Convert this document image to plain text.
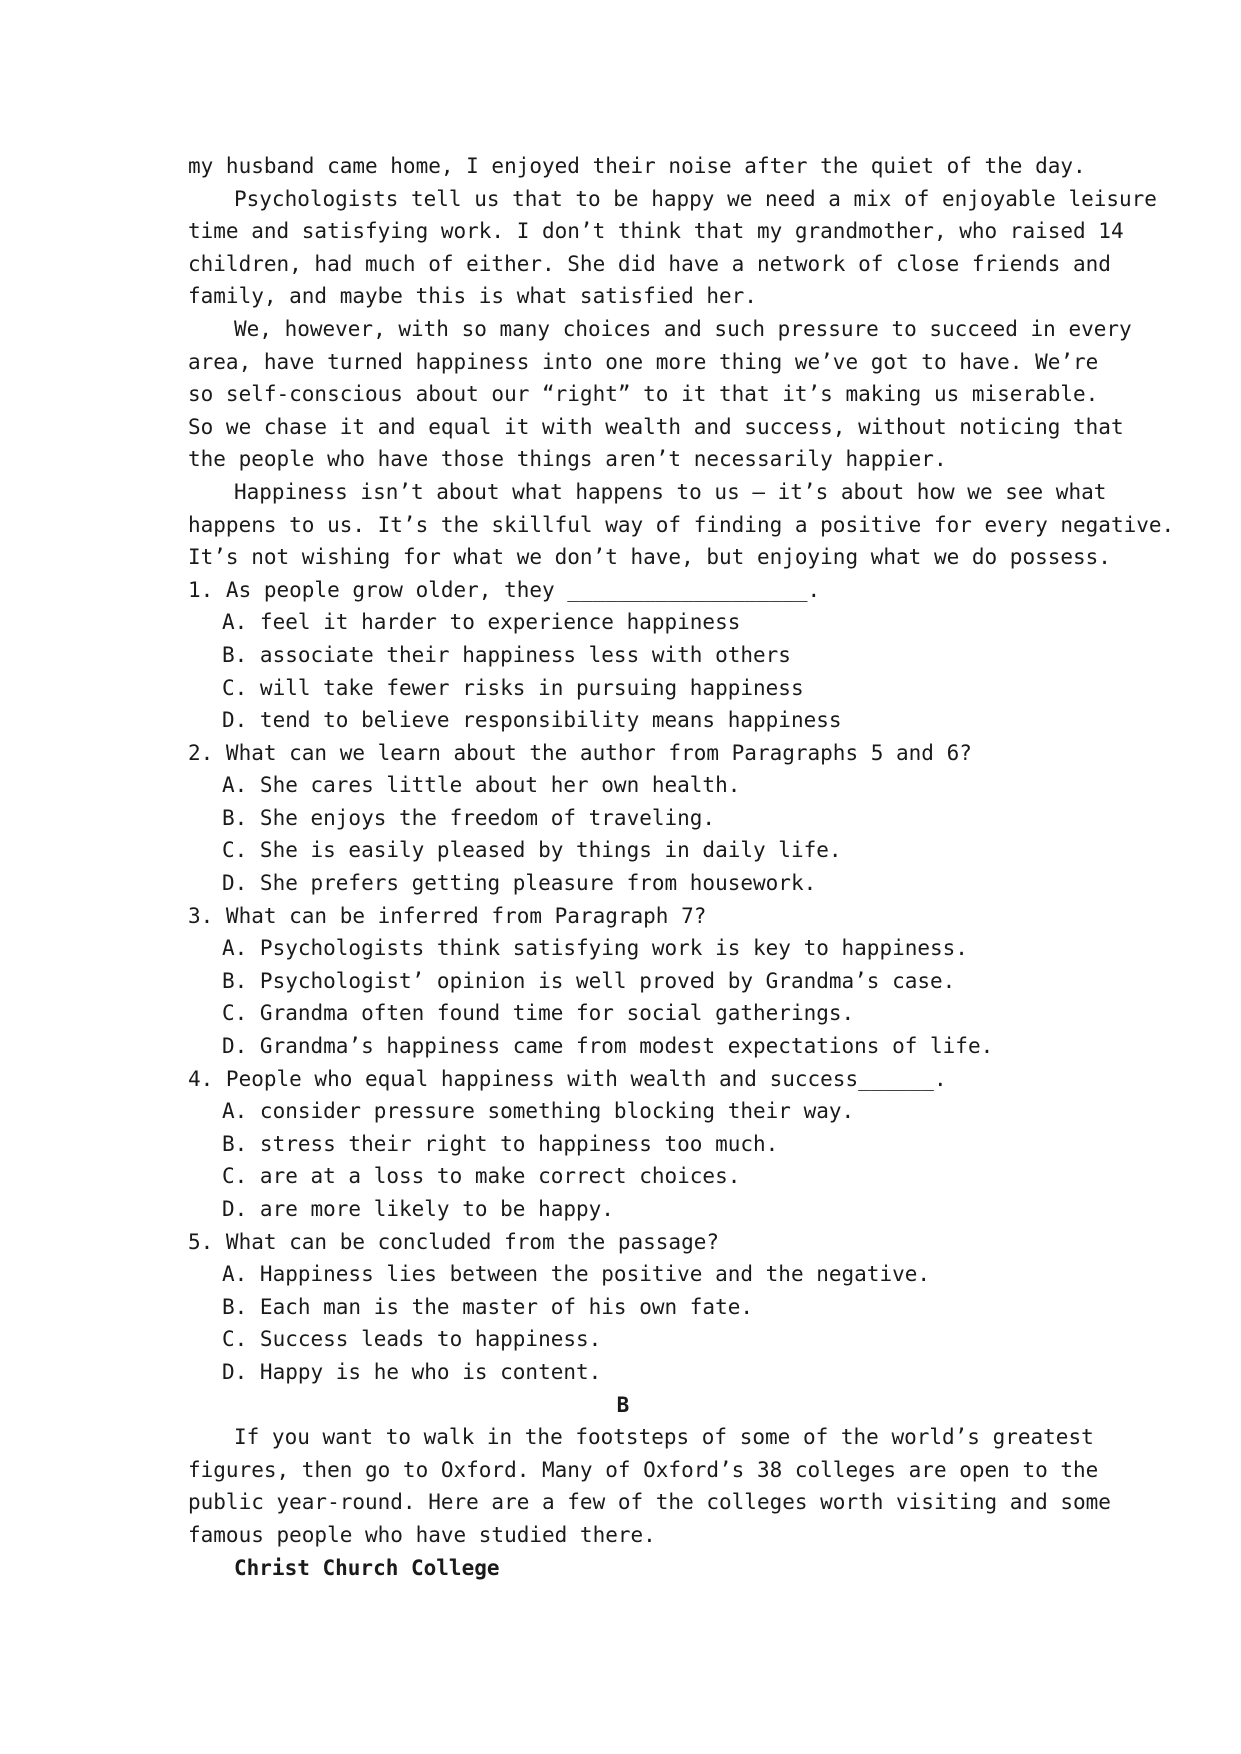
my husband came home, I enjoyed their noise after the quiet of the day.
Psychologists tell us that to be happy we need a mix of enjoyable leisure
time and satisfying work. I don’t think that my grandmother, who raised 14
children, had much of either. She did have a network of close friends and
family, and maybe this is what satisfied her.
We, however, with so many choices and such pressure to succeed in every
area, have turned happiness into one more thing we’ve got to have. We’re
so self-conscious about our “right” to it that it’s making us miserable.
So we chase it and equal it with wealth and success, without noticing that
the people who have those things aren’t necessarily happier.
Happiness isn’t about what happens to us — it’s about how we see what
happens to us. It’s the skillful way of finding a positive for every negative.
It’s not wishing for what we don’t have, but enjoying what we do possess.
1. As people grow older, they ___________________.
A. feel it harder to experience happiness
B. associate their happiness less with others
C. will take fewer risks in pursuing happiness
D. tend to believe responsibility means happiness
2. What can we learn about the author from Paragraphs 5 and 6?
A. She cares little about her own health.
B. She enjoys the freedom of traveling.
C. She is easily pleased by things in daily life.
D. She prefers getting pleasure from housework.
3. What can be inferred from Paragraph 7?
A. Psychologists think satisfying work is key to happiness.
B. Psychologist’ opinion is well proved by Grandma’s case.
C. Grandma often found time for social gatherings.
D. Grandma’s happiness came from modest expectations of life.
4. People who equal happiness with wealth and success______.
A. consider pressure something blocking their way.
B. stress their right to happiness too much.
C. are at a loss to make correct choices.
D. are more likely to be happy.
5. What can be concluded from the passage?
A. Happiness lies between the positive and the negative.
B. Each man is the master of his own fate.
C. Success leads to happiness.
D. Happy is he who is content.
B
If you want to walk in the footsteps of some of the world’s greatest
figures, then go to Oxford. Many of Oxford’s 38 colleges are open to the
public year-round. Here are a few of the colleges worth visiting and some
famous people who have studied there.
Christ Church College
